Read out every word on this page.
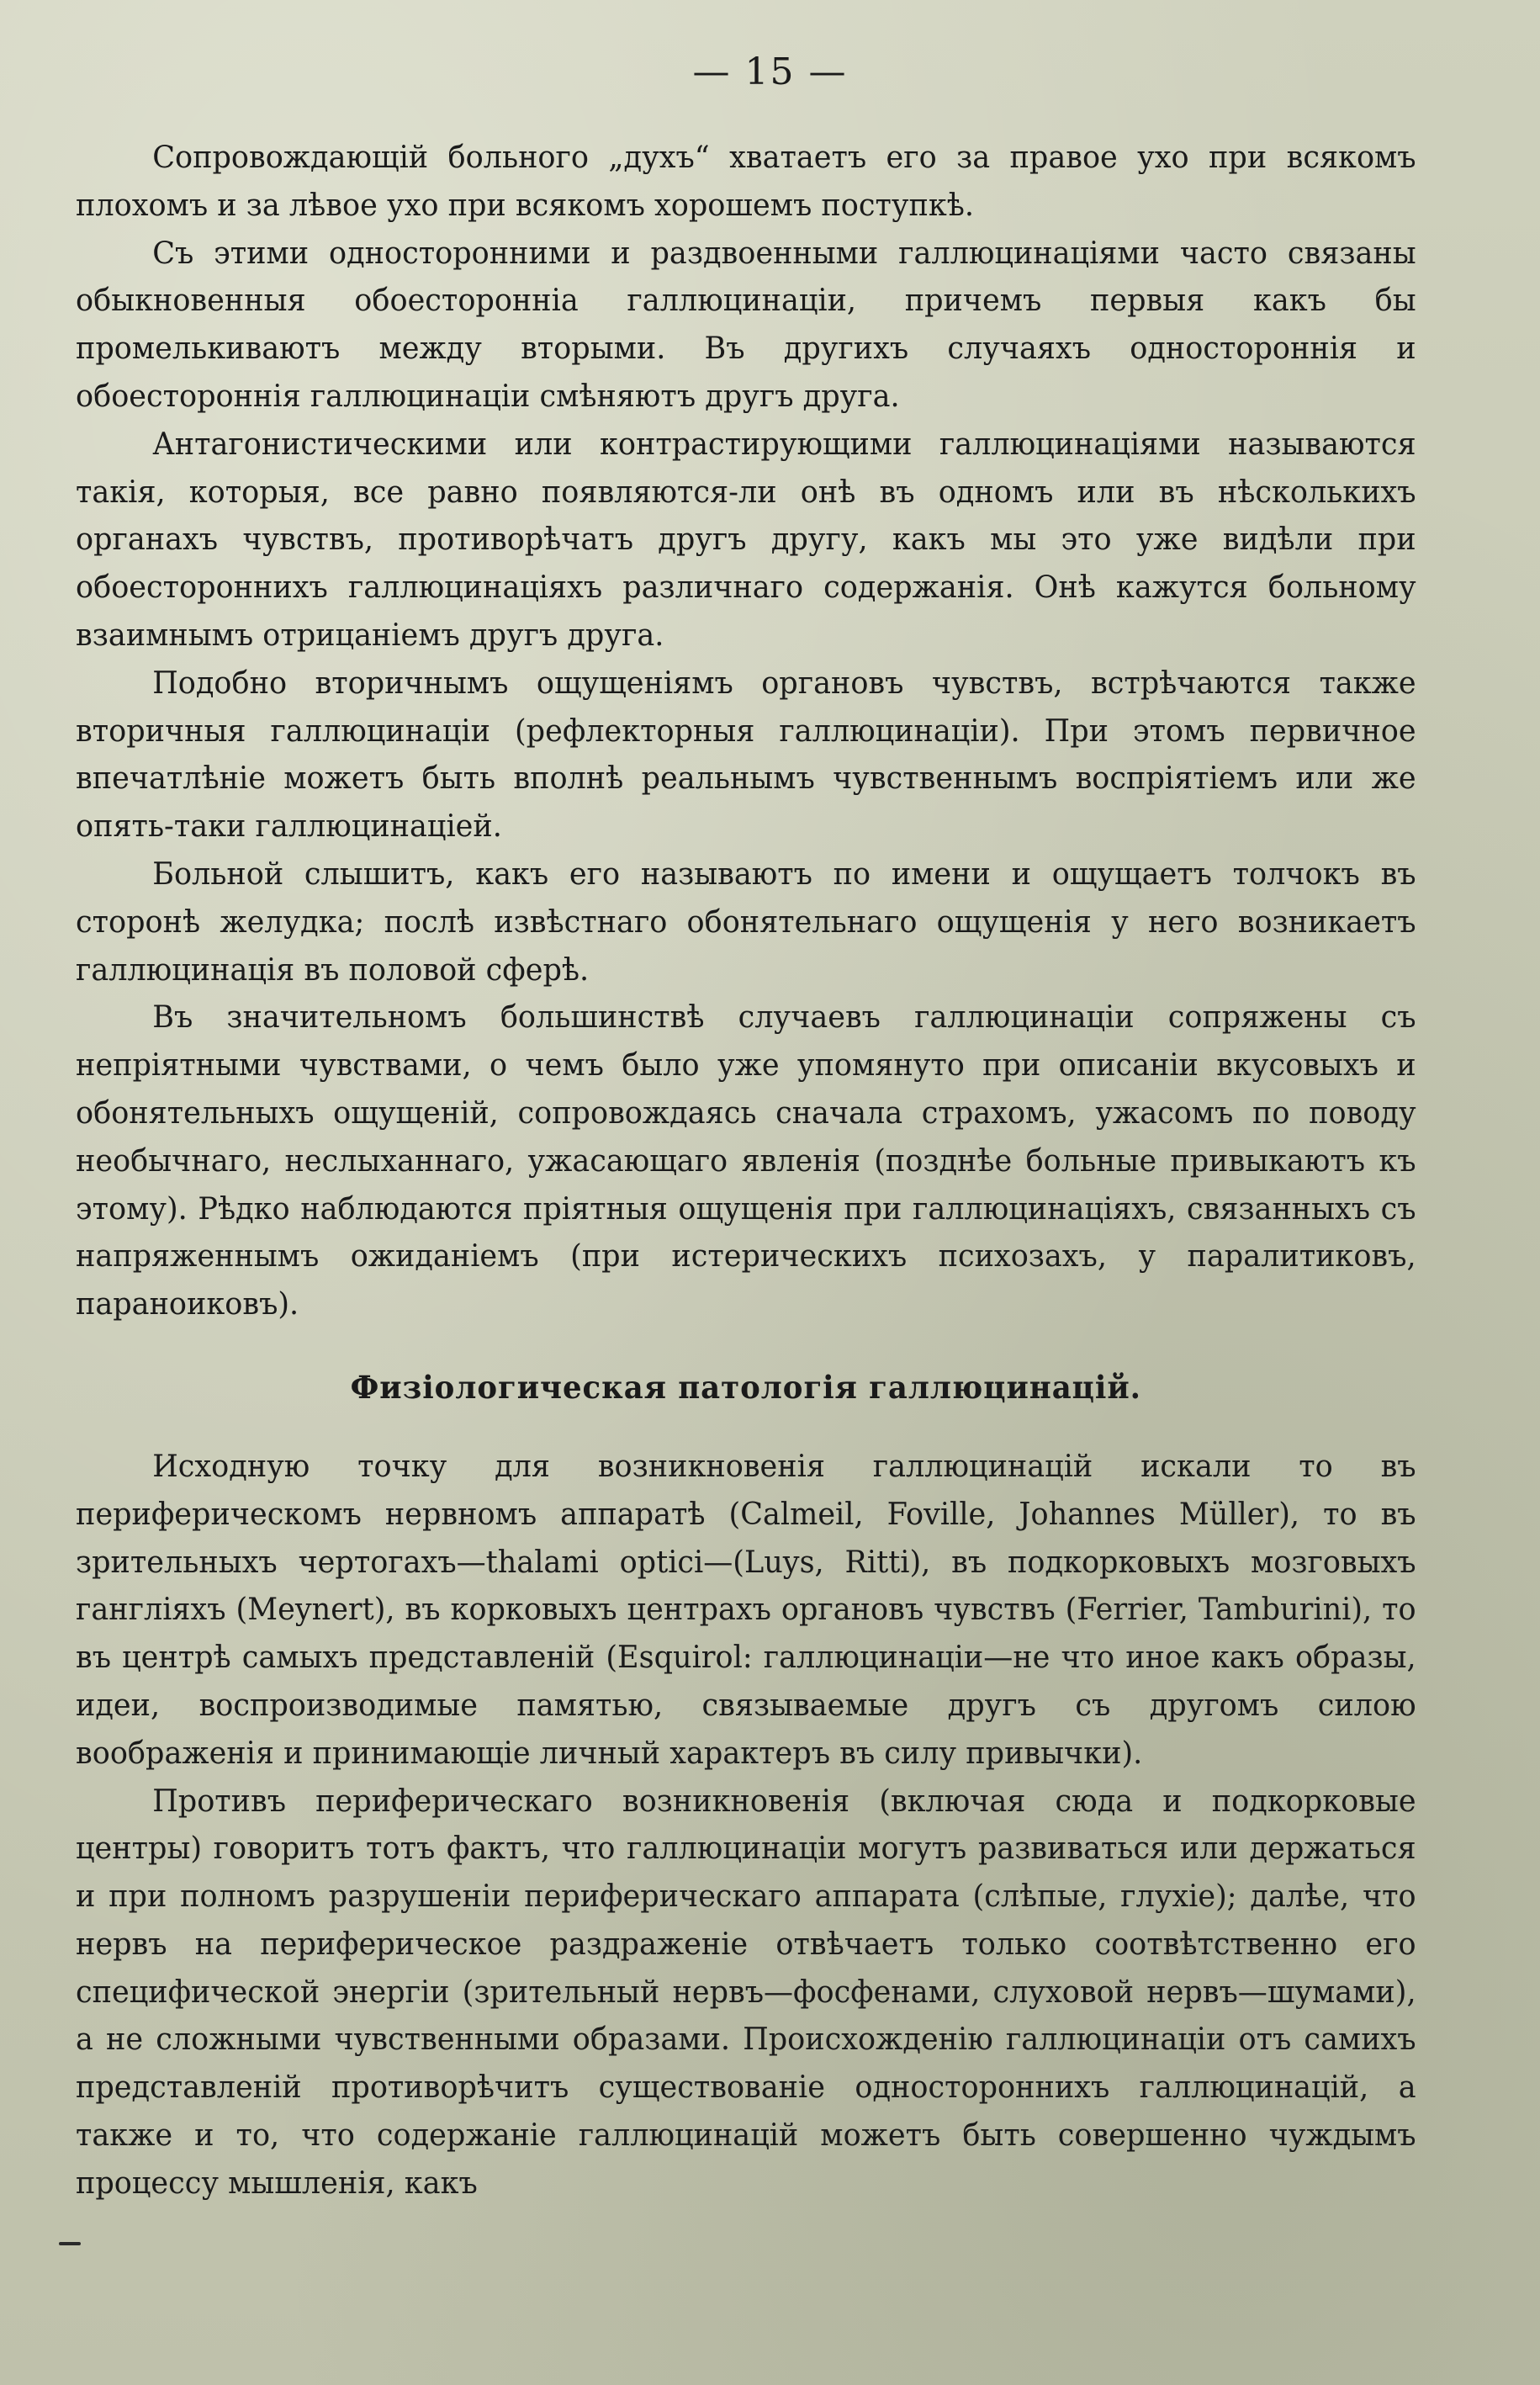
— 15 —

Сопровождающій больного „духъ“ хватаетъ его за правое ухо при всякомъ плохомъ и за лѣвое ухо при всякомъ хорошемъ поступкѣ.

Съ этими односторонними и раздвоенными галлюцинаціями часто связаны обыкновенныя обоесторонніа галлюцинаціи, причемъ первыя какъ бы промелькиваютъ между вторыми. Въ другихъ случаяхъ одностороннія и обоестороннія галлюцинаціи смѣняютъ другъ друга.

Антагонистическими или контрастирующими галлюцинаціями называются такія, которыя, все равно появляются-ли онѣ въ одномъ или въ нѣсколькихъ органахъ чувствъ, противорѣчатъ другъ другу, какъ мы это уже видѣли при обоестороннихъ галлюцинаціяхъ различнаго содержанія. Онѣ кажутся больному взаимнымъ отрицаніемъ другъ друга.

Подобно вторичнымъ ощущеніямъ органовъ чувствъ, встрѣчаются также вторичныя галлюцинаціи (рефлекторныя галлюцинаціи). При этомъ первичное впечатлѣніе можетъ быть вполнѣ реальнымъ чувственнымъ воспріятіемъ или же опять-таки галлюцинаціей.

Больной слышитъ, какъ его называютъ по имени и ощущаетъ толчокъ въ сторонѣ желудка; послѣ извѣстнаго обонятельнаго ощущенія у него возникаетъ галлюцинація въ половой сферѣ.

Въ значительномъ большинствѣ случаевъ галлюцинаціи сопряжены съ непріятными чувствами, о чемъ было уже упомянуто при описаніи вкусовыхъ и обонятельныхъ ощущеній, сопровождаясь сначала страхомъ, ужасомъ по поводу необычнаго, неслыханнаго, ужасающаго явленія (позднѣе больные привыкаютъ къ этому). Рѣдко наблюдаются пріятныя ощущенія при галлюцинаціяхъ, связанныхъ съ напряженнымъ ожиданіемъ (при истерическихъ психозахъ, у паралитиковъ, параноиковъ).

Физіологическая патологія галлюцинацій.

Исходную точку для возникновенія галлюцинацій искали то въ периферическомъ нервномъ аппаратѣ (Calmeil, Foville, Johannes Müller), то въ зрительныхъ чертогахъ—thalami optici—(Luys, Ritti), въ подкорковыхъ мозговыхъ гангліяхъ (Meynert), въ корковыхъ центрахъ органовъ чувствъ (Ferrier, Tamburini), то въ центрѣ самыхъ представленій (Esquirol: галлюцинаціи—не что иное какъ образы, идеи, воспроизводимые памятью, связываемые другъ съ другомъ силою воображенія и принимающіе личный характеръ въ силу привычки).

Противъ периферическаго возникновенія (включая сюда и подкорковые центры) говоритъ тотъ фактъ, что галлюцинаціи могутъ развиваться или держаться и при полномъ разрушеніи периферическаго аппарата (слѣпые, глухіе); далѣе, что нервъ на периферическое раздраженіе отвѣчаетъ только соотвѣтственно его специфической энергіи (зрительный нервъ—фосфенами, слуховой нервъ—шумами), а не сложными чувственными образами. Происхожденію галлюцинаціи отъ самихъ представленій противорѣчитъ существованіе одностороннихъ галлюцинацій, а также и то, что содержаніе галлюцинацій можетъ быть совершенно чуждымъ процессу мышленія, какъ
